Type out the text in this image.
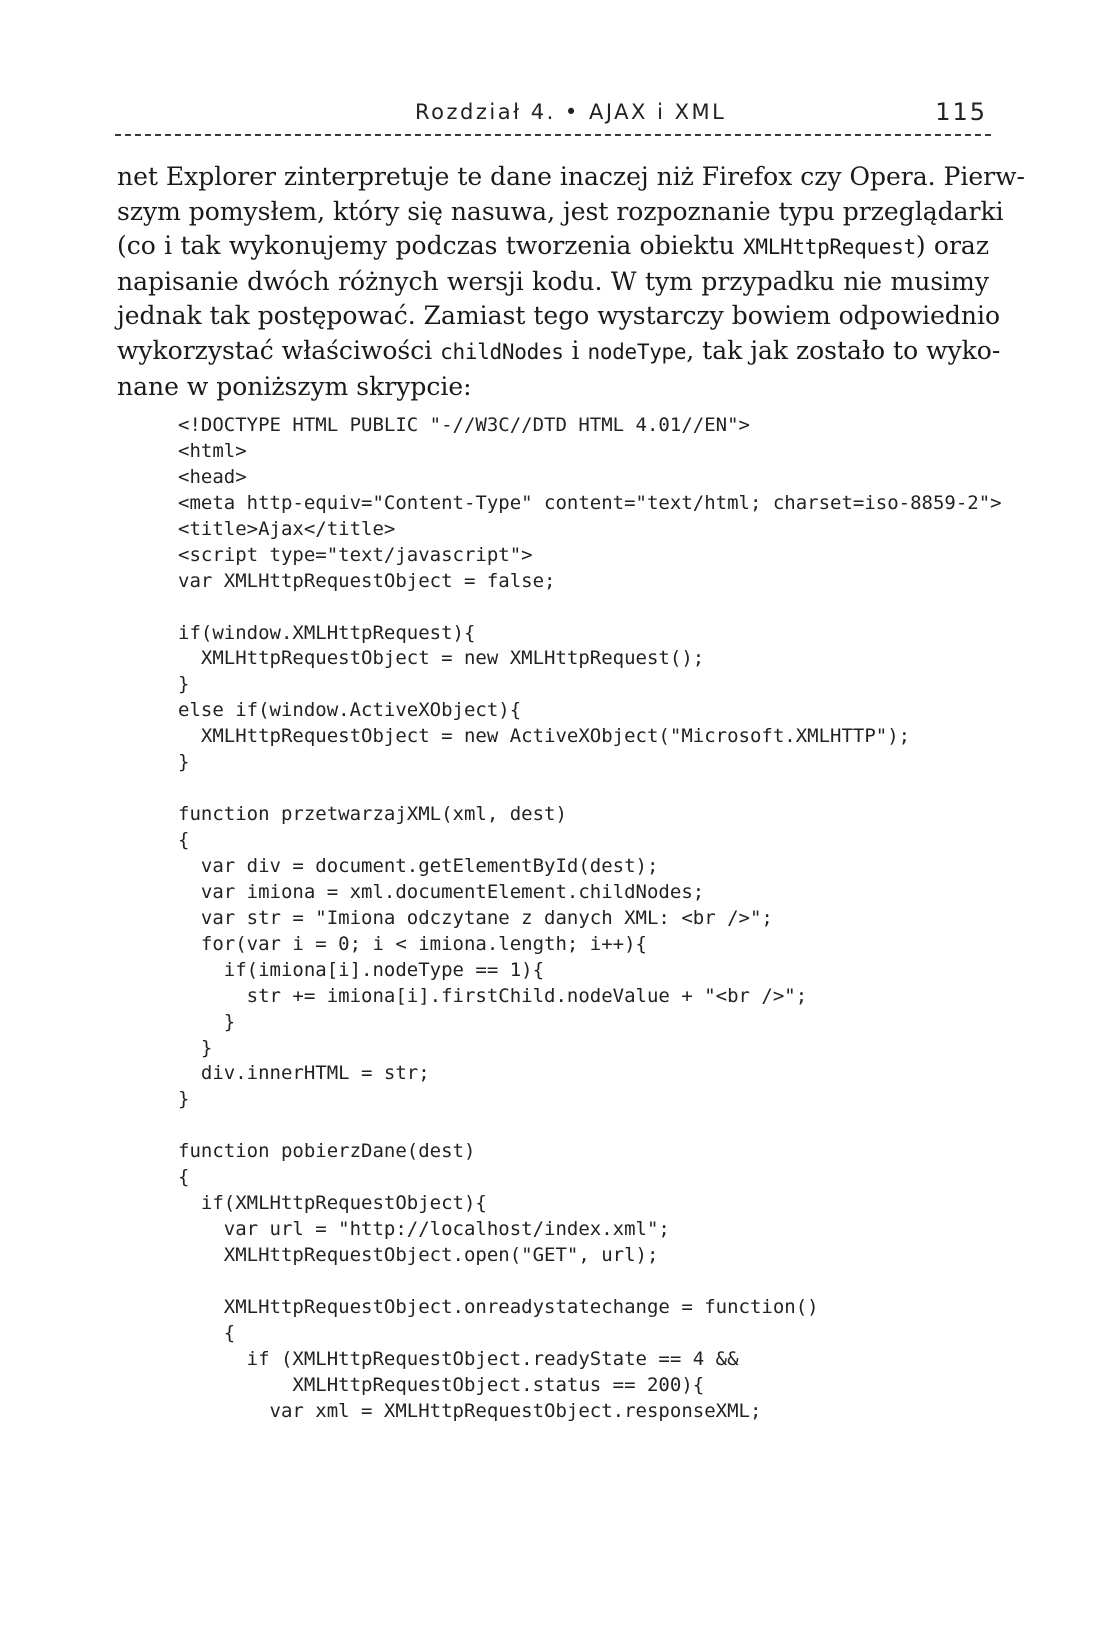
Rozdział 4. • AJAX i XML	115

net Explorer zinterpretuje te dane inaczej niż Firefox czy Opera. Pierw-
szym pomysłem, który się nasuwa, jest rozpoznanie typu przeglądarki
(co i tak wykonujemy podczas tworzenia obiektu XMLHttpRequest) oraz
napisanie dwóch różnych wersji kodu. W tym przypadku nie musimy
jednak tak postępować. Zamiast tego wystarczy bowiem odpowiednio
wykorzystać właściwości childNodes i nodeType, tak jak zostało to wyko-
nane w poniższym skrypcie:

<!DOCTYPE HTML PUBLIC "-//W3C//DTD HTML 4.01//EN">
<html>
<head>
<meta http-equiv="Content-Type" content="text/html; charset=iso-8859-2">
<title>Ajax</title>
<script type="text/javascript">
var XMLHttpRequestObject = false;
if(window.XMLHttpRequest){
XMLHttpRequestObject = new XMLHttpRequest();
}
else if(window.ActiveXObject){
XMLHttpRequestObject = new ActiveXObject("Microsoft.XMLHTTP");
}
function przetwarzajXML(xml, dest)
{
var div = document.getElementById(dest);
var imiona = xml.documentElement.childNodes;
var str = "Imiona odczytane z danych XML: <br />";
for(var i = 0; i < imiona.length; i++){
if(imiona[i].nodeType == 1){
str += imiona[i].firstChild.nodeValue + "<br />";
}
}
div.innerHTML = str;
}
function pobierzDane(dest)
{
if(XMLHttpRequestObject){
var url = "http://localhost/index.xml";
XMLHttpRequestObject.open("GET", url);
XMLHttpRequestObject.onreadystatechange = function()
{
if (XMLHttpRequestObject.readyState == 4 &&
XMLHttpRequestObject.status == 200){
var xml = XMLHttpRequestObject.responseXML;
